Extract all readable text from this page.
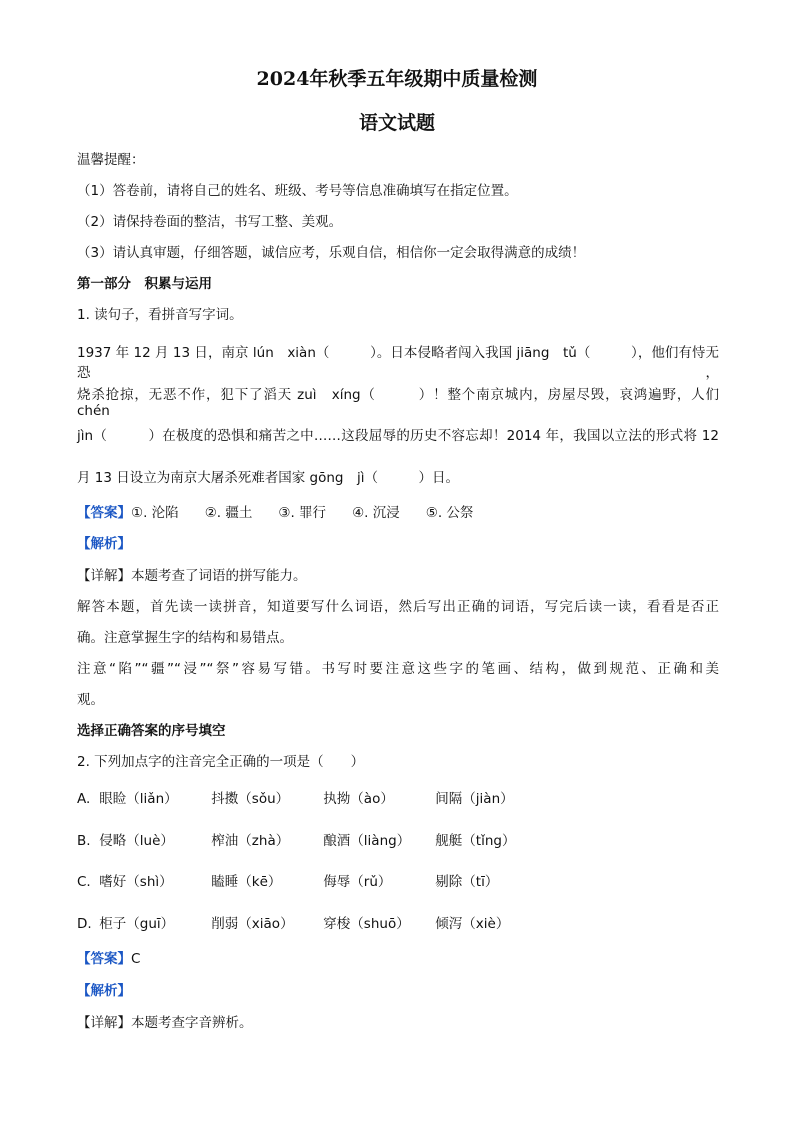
2024年秋季五年级期中质量检测
语文试题
温馨提醒：
（1）答卷前，请将自己的姓名、班级、考号等信息准确填写在指定位置。
（2）请保持卷面的整洁，书写工整、美观。
（3）请认真审题，仔细答题，诚信应考，乐观自信，相信你一定会取得满意的成绩！
第一部分　积累与运用
1. 读句子，看拼音写字词。
1937 年 12 月 13 日，南京 lún　xiàn（　　　）。日本侵略者闯入我国 jiāng　tǔ（　　　），他们有恃无恐，
烧杀抢掠，无恶不作，犯下了滔天 zuì　xíng（　　　）！整个南京城内，房屋尽毁，哀鸿遍野，人们 chén
jìn（　　　）在极度的恐惧和痛苦之中……这段屈辱的历史不容忘却！2014 年，我国以立法的形式将 12
月 13 日设立为南京大屠杀死难者国家 gōng　jì（　　　）日。
【答案】①. 沦陷 ②. 疆土 ③. 罪行 ④. 沉浸 ⑤. 公祭
【解析】
【详解】本题考查了词语的拼写能力。
解答本题，首先读一读拼音，知道要写什么词语，然后写出正确的词语，写完后读一读，看看是否正
确。注意掌握生字的结构和易错点。
注意“陷”“疆”“浸”“祭”容易写错。书写时要注意这些字的笔画、结构，做到规范、正确和美
观。
选择正确答案的序号填空
2. 下列加点字的注音完全正确的一项是（　　）
A. 眼睑（liǎn） 抖擞（sǒu）	执拗（ào）	间隔（jiàn）
B. 侵略（luè）	榨油（zhà）	酿酒（liàng） 舰艇（tǐng）
C. 嗜好（shì）	瞌睡（kē）	侮辱（rǔ）	剔除（tī）
D. 柜子（guī）	削弱（xiāo） 穿梭（shuō） 倾泻（xiè）
【答案】C
【解析】
【详解】本题考查字音辨析。
